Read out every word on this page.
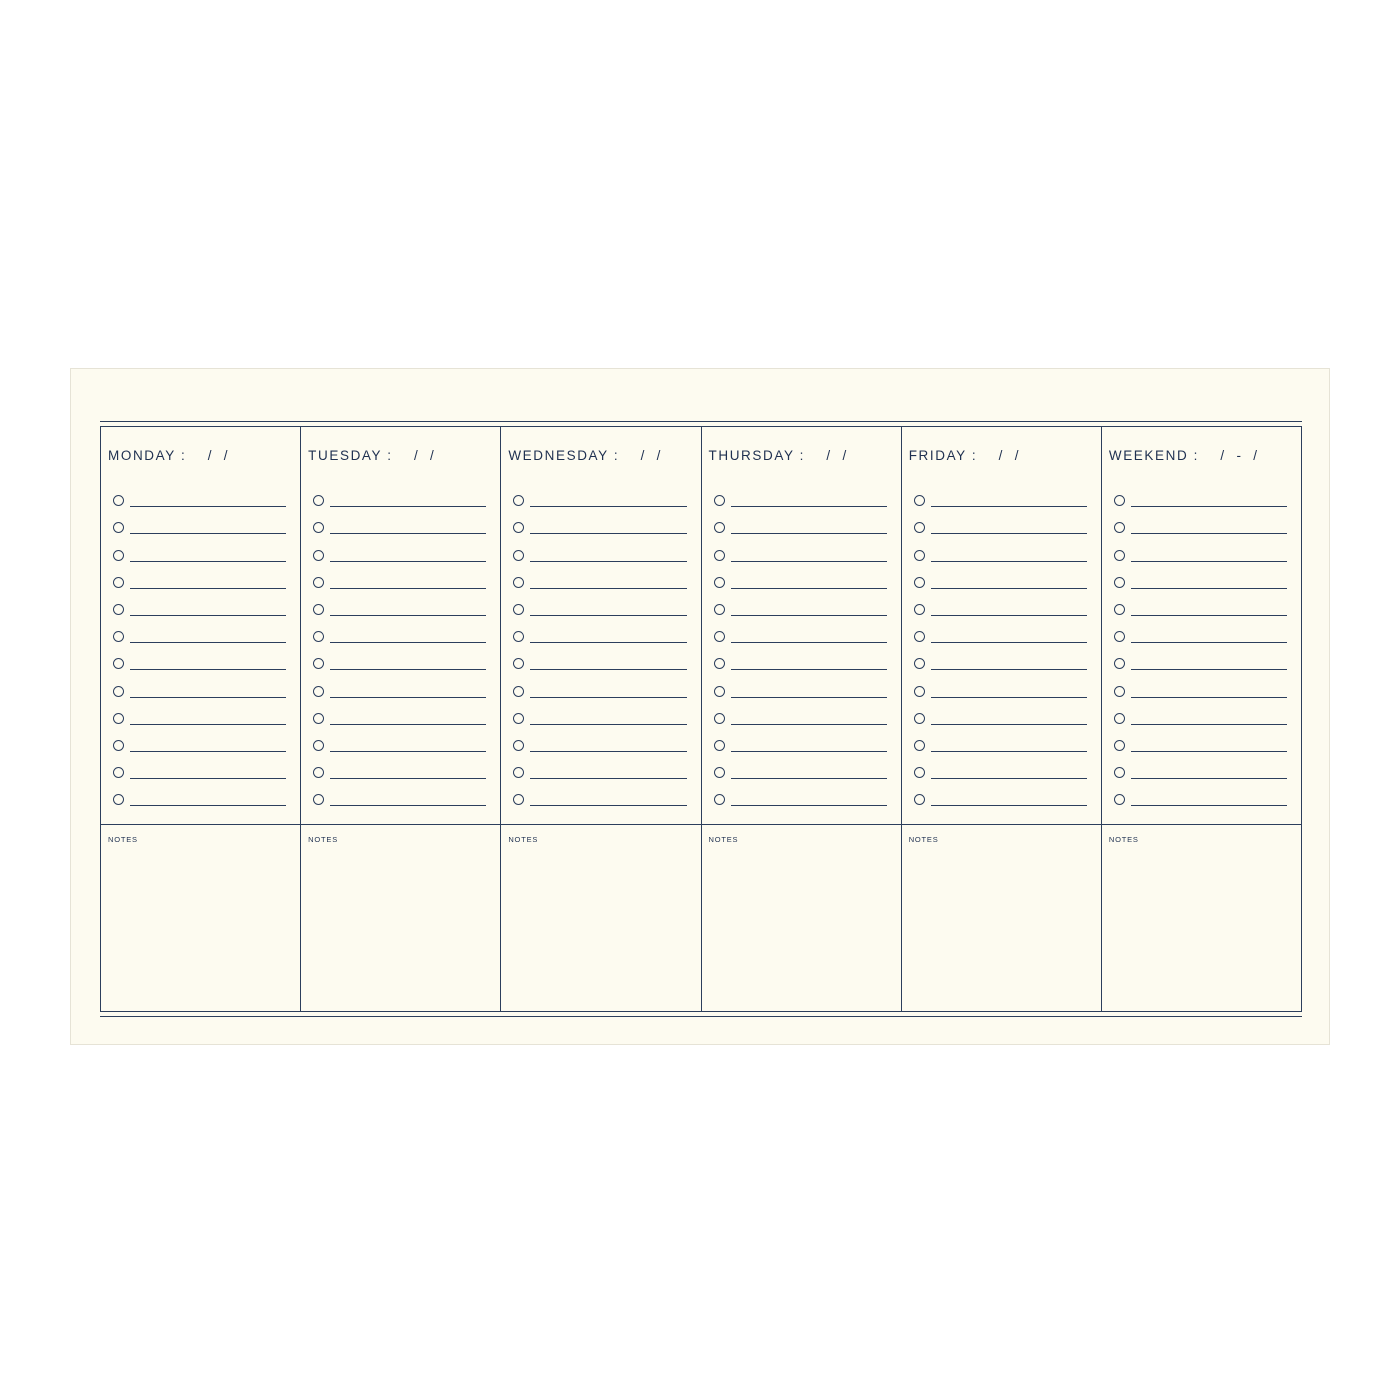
MONDAY :    /  /
NOTES
TUESDAY :    /  /
NOTES
WEDNESDAY :    /  /
NOTES
THURSDAY :    /  /
NOTES
FRIDAY :    /  /
NOTES
WEEKEND :    /  -  /
NOTES
